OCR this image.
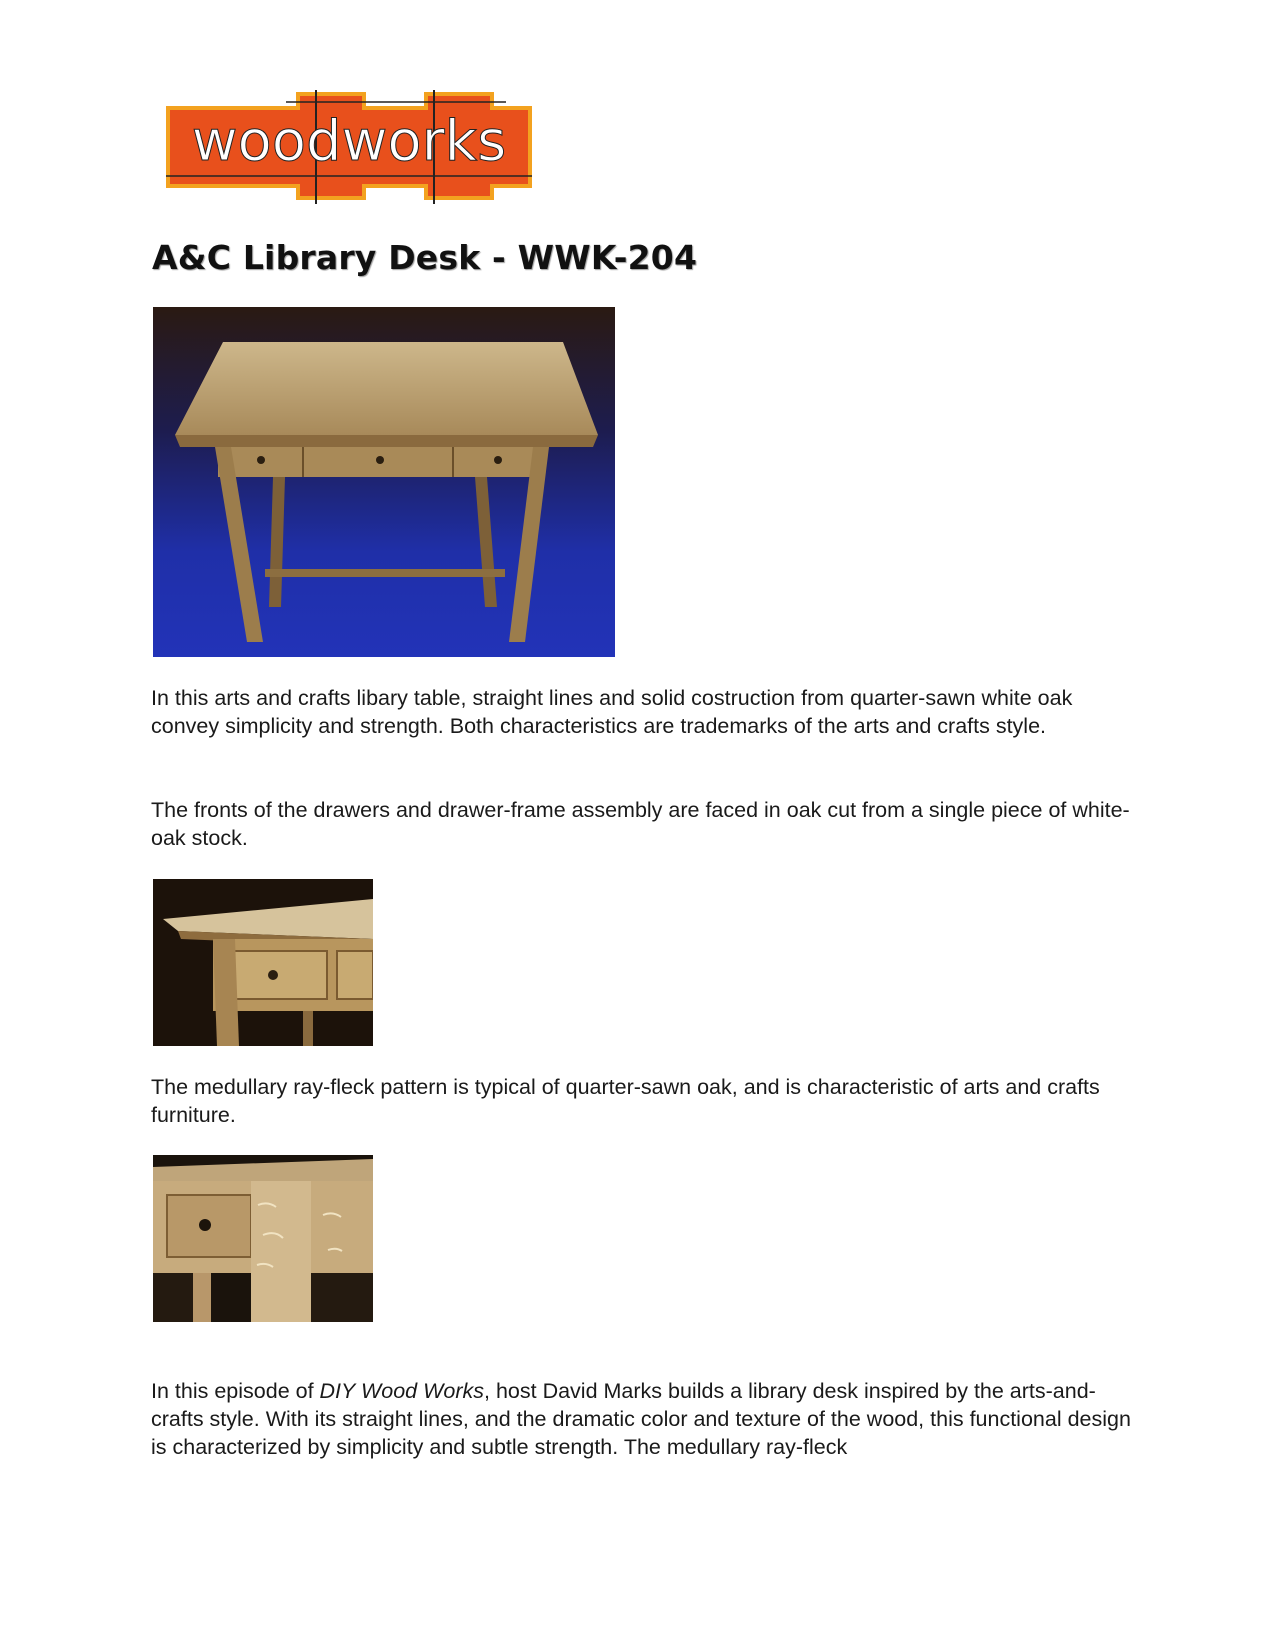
woodworks
A&C Library Desk - WWK-204

In this arts and crafts libary table, straight lines and solid costruction from quarter-sawn white oak convey simplicity and strength. Both characteristics are trademarks of the arts and crafts style.

The fronts of the drawers and drawer-frame assembly are faced in oak cut from a single piece of white-oak stock.

The medullary ray-fleck pattern is typical of quarter-sawn oak, and is characteristic of arts and crafts furniture.

In this episode of DIY Wood Works, host David Marks builds a library desk inspired by the arts-and-crafts style. With its straight lines, and the dramatic color and texture of the wood, this functional design is characterized by simplicity and subtle strength. The medullary ray-fleck
